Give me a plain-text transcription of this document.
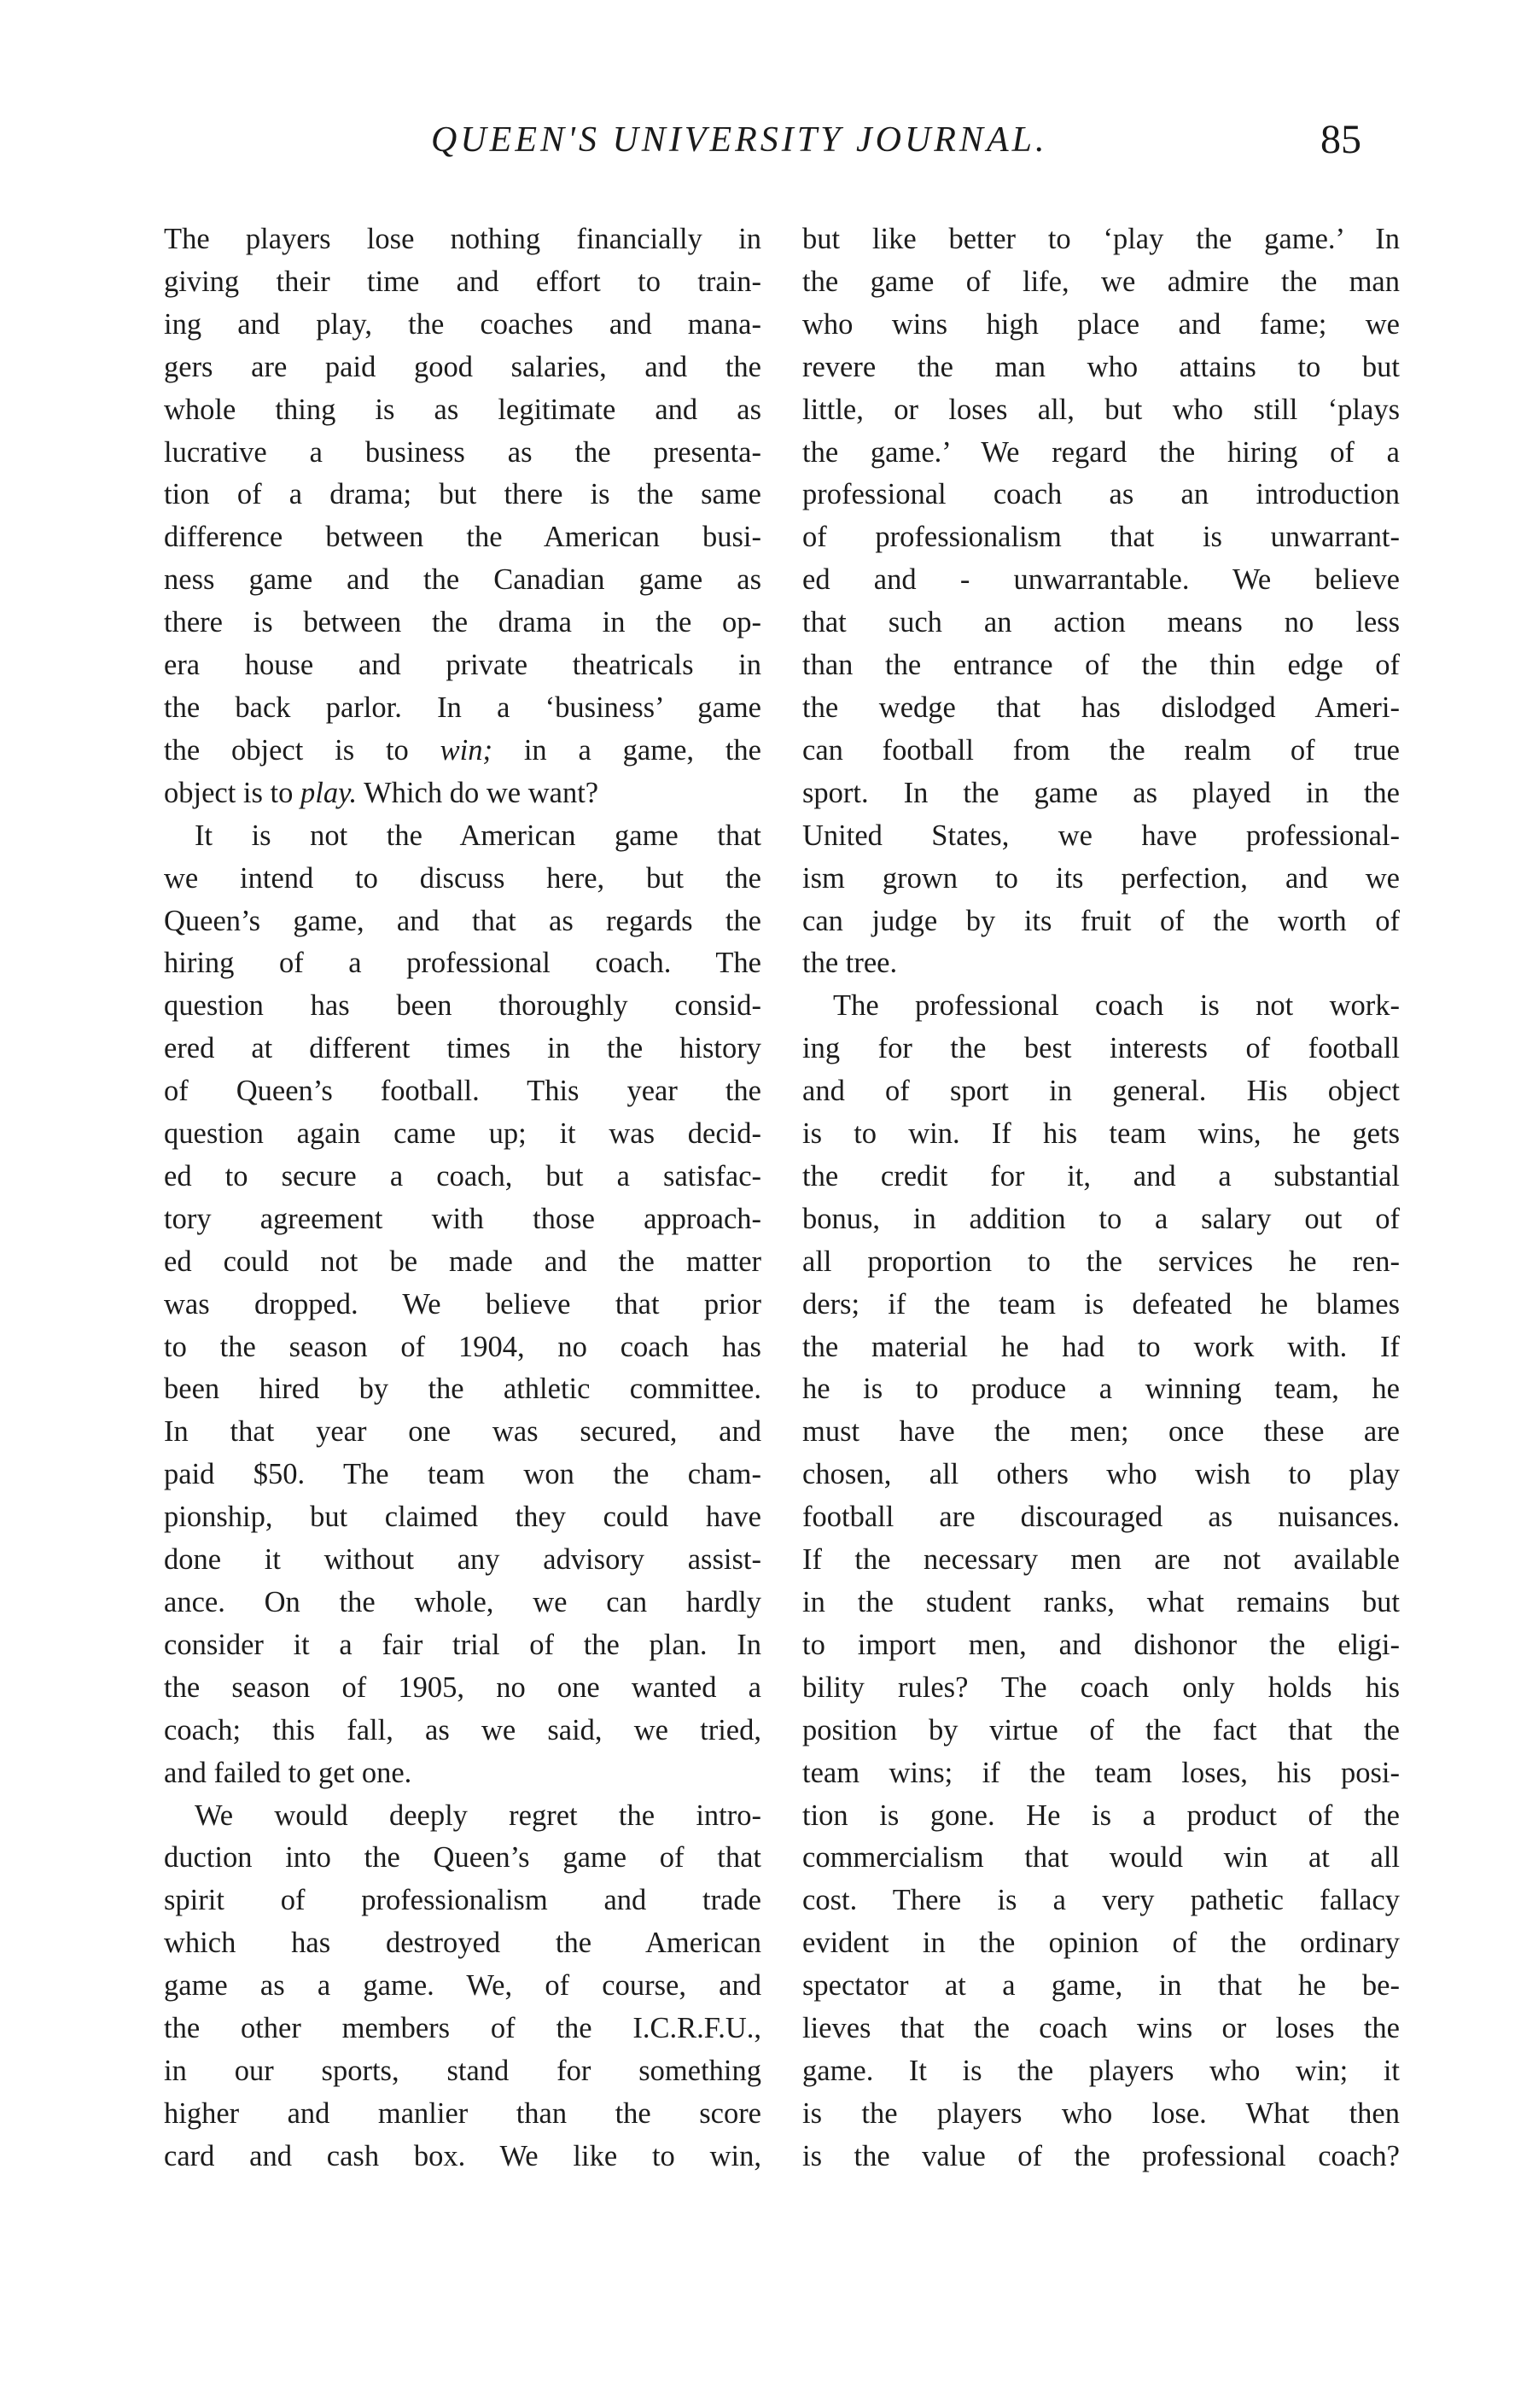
QUEEN'S UNIVERSITY JOURNAL.	85
The players lose nothing financially in
giving their time and effort to train-
ing and play, the coaches and mana-
gers are paid good salaries, and the
whole thing is as legitimate and as
lucrative a business as the presenta-
tion of a drama; but there is the same
difference between the American busi-
ness game and the Canadian game as
there is between the drama in the op-
era house and private theatricals in
the back parlor. In a ‘business’ game
the object is to win; in a game, the
object is to play. Which do we want?
It is not the American game that
we intend to discuss here, but the
Queen’s game, and that as regards the
hiring of a professional coach. The
question has been thoroughly consid-
ered at different times in the history
of Queen’s football. This year the
question again came up; it was decid-
ed to secure a coach, but a satisfac-
tory agreement with those approach-
ed could not be made and the matter
was dropped. We believe that prior
to the season of 1904, no coach has
been hired by the athletic committee.
In that year one was secured, and
paid $50. The team won the cham-
pionship, but claimed they could have
done it without any advisory assist-
ance. On the whole, we can hardly
consider it a fair trial of the plan. In
the season of 1905, no one wanted a
coach; this fall, as we said, we tried,
and failed to get one.
We would deeply regret the intro-
duction into the Queen’s game of that
spirit of professionalism and trade
which has destroyed the American
game as a game. We, of course, and
the other members of the I.C.R.F.U.,
in our sports, stand for something
higher and manlier than the score
card and cash box. We like to win,
but like better to ‘play the game.’ In
the game of life, we admire the man
who wins high place and fame; we
revere the man who attains to but
little, or loses all, but who still ‘plays
the game.’ We regard the hiring of a
professional coach as an introduction
of professionalism that is unwarrant-
ed and - unwarrantable. We believe
that such an action means no less
than the entrance of the thin edge of
the wedge that has dislodged Ameri-
can football from the realm of true
sport. In the game as played in the
United States, we have professional-
ism grown to its perfection, and we
can judge by its fruit of the worth of
the tree.
The professional coach is not work-
ing for the best interests of football
and of sport in general. His object
is to win. If his team wins, he gets
the credit for it, and a substantial
bonus, in addition to a salary out of
all proportion to the services he ren-
ders; if the team is defeated he blames
the material he had to work with. If
he is to produce a winning team, he
must have the men; once these are
chosen, all others who wish to play
football are discouraged as nuisances.
If the necessary men are not available
in the student ranks, what remains but
to import men, and dishonor the eligi-
bility rules? The coach only holds his
position by virtue of the fact that the
team wins; if the team loses, his posi-
tion is gone. He is a product of the
commercialism that would win at all
cost. There is a very pathetic fallacy
evident in the opinion of the ordinary
spectator at a game, in that he be-
lieves that the coach wins or loses the
game. It is the players who win; it
is the players who lose. What then
is the value of the professional coach?
